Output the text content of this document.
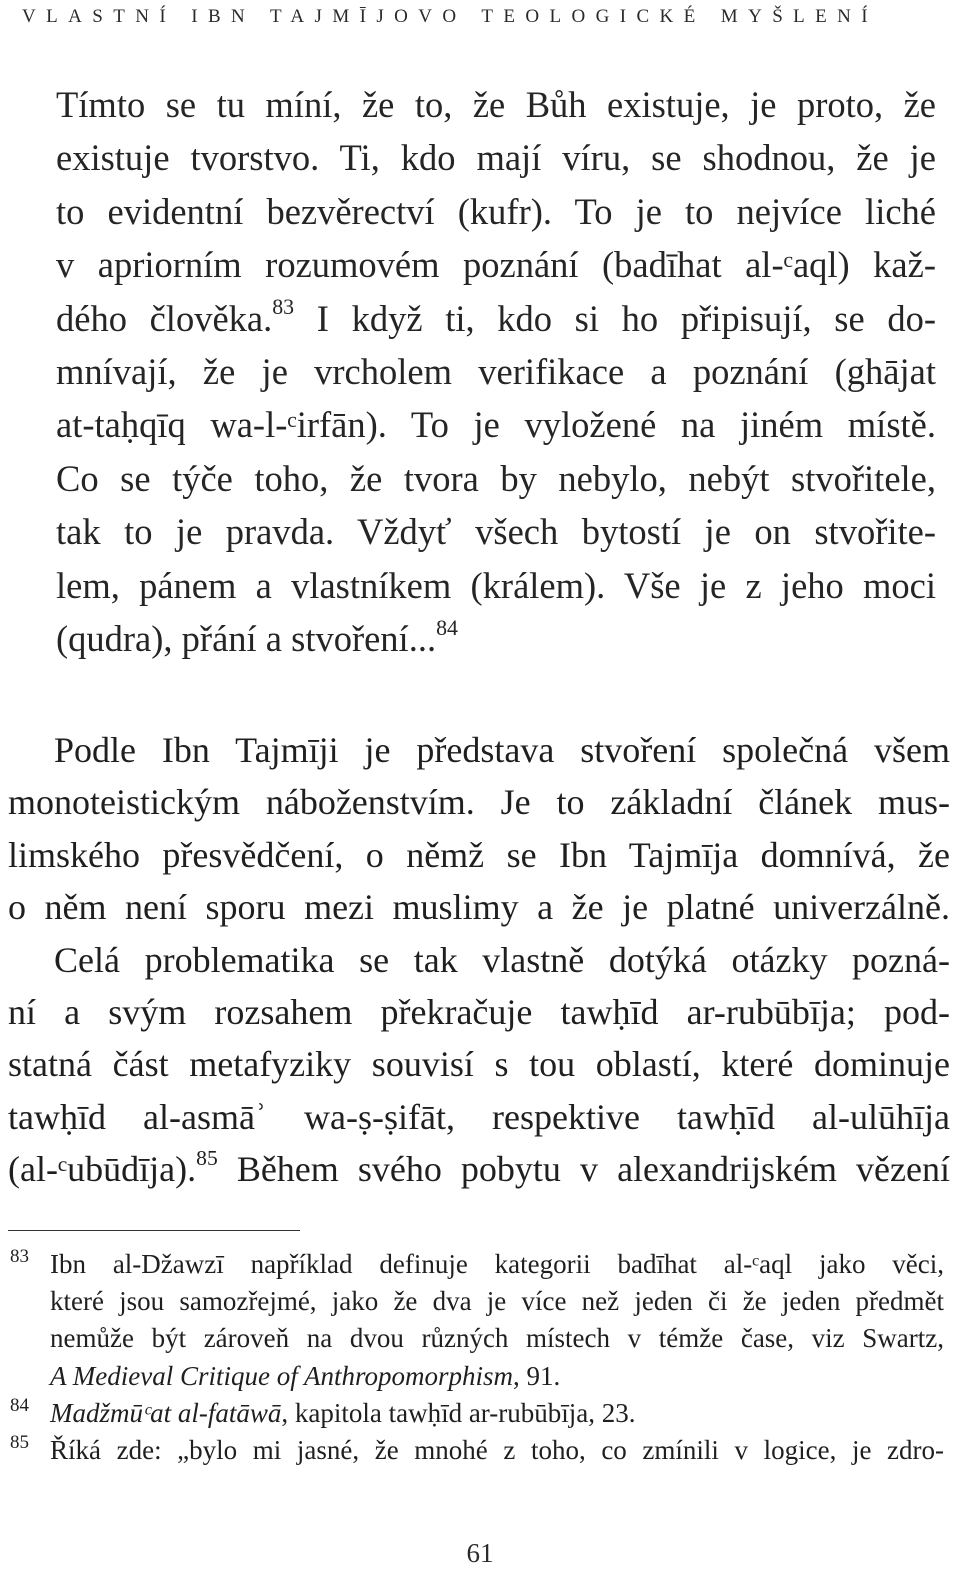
VLASTNÍ IBN TAJMĪJOVO TEOLOGICKÉ MYŠLENÍ
Tímto se tu míní, že to, že Bůh existuje, je proto, že
existuje tvorstvo. Ti, kdo mají víru, se shodnou, že je
to evidentní bezvěrectví (kufr). To je to nejvíce liché
v apriorním rozumovém poznání (badīhat al-ᶜaql) kaž-
dého člověka.$^{83}$ I když ti, kdo si ho připisují, se do-
mnívají, že je vrcholem verifikace a poznání (ghājat
at-taḥqīq wa-l-ᶜirfān). To je vyložené na jiném místě.
Co se týče toho, že tvora by nebylo, nebýt stvořitele,
tak to je pravda. Vždyť všech bytostí je on stvořite-
lem, pánem a vlastníkem (králem). Vše je z jeho moci
(qudra), přání a stvoření...$^{84}$
Podle Ibn Tajmīji je představa stvoření společná všem
monoteistickým náboženstvím. Je to základní článek mus-
limského přesvědčení, o němž se Ibn Tajmīja domnívá, že
o něm není sporu mezi muslimy a že je platné univerzálně.
Celá problematika se tak vlastně dotýká otázky pozná-
ní a svým rozsahem překračuje tawḥīd ar-rubūbīja; pod-
statná část metafyziky souvisí s tou oblastí, které dominuje
tawḥīd al-asmāʾ wa-ṣ-ṣifāt, respektive tawḥīd al-ulūhīja
(al-ᶜubūdīja).$^{85}$ Během svého pobytu v alexandrijském vězení
83 Ibn al-Džawzī například definuje kategorii badīhat al-ᶜaql jako věci,
které jsou samozřejmé, jako že dva je více než jeden či že jeden předmět
nemůže být zároveň na dvou různých místech v témže čase, viz Swartz,
A Medieval Critique of Anthropomorphism, 91.
84 Madžmūᶜat al-fatāwā, kapitola tawḥīd ar-rubūbīja, 23.
85 Říká zde: „bylo mi jasné, že mnohé z toho, co zmínili v logice, je zdro-
61
